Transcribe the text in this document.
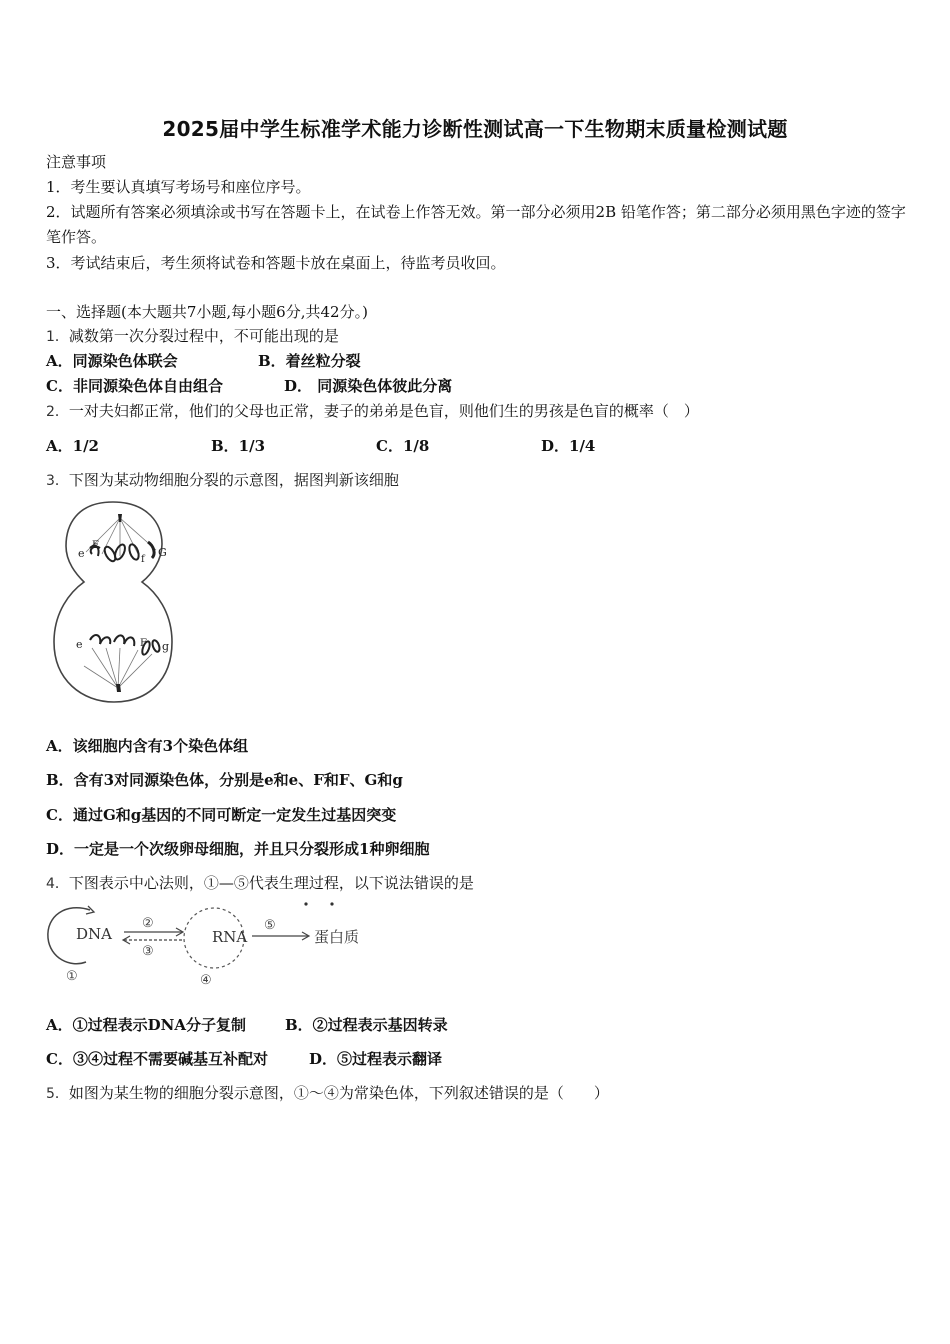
2025届中学生标准学术能力诊断性测试高一下生物期末质量检测试题
注意事项
1．考生要认真填写考场号和座位序号。
2．试题所有答案必须填涂或书写在答题卡上，在试卷上作答无效。第一部分必须用2B 铅笔作答；第二部分必须用黑色字迹的签字笔作答。
3．考试结束后，考生须将试卷和答题卡放在桌面上，待监考员收回。
一、选择题(本大题共7小题,每小题6分,共42分。)
1．减数第一次分裂过程中，不可能出现的是
A．同源染色体联会	B．着丝粒分裂
C．非同源染色体自由组合	D． 同源染色体彼此分离
2．一对夫妇都正常，他们的父母也正常，妻子的弟弟是色盲，则他们生的男孩是色盲的概率（　）
A．1/2	B．1/3	C．1/8	D．1/4
3．下图为某动物细胞分裂的示意图，据图判新该细胞
e
E
f
G
e	F g
A．该细胞内含有3个染色体组
B．含有3对同源染色体，分别是e和e、F和F、G和g
C．通过G和g基因的不同可断定一定发生过基因突变
D．一定是一个次级卵母细胞，并且只分裂形成1种卵细胞
4．下图表示中心法则，①—⑤代表生理过程，以下说法错误的是
DNA
①
②
③
RNA
④
⑤
蛋白质
A．①过程表示DNA分子复制	B．②过程表示基因转录
C．③④过程不需要碱基互补配对	D．⑤过程表示翻译
5．如图为某生物的细胞分裂示意图，①～④为常染色体，下列叙述错误的是（　　）
